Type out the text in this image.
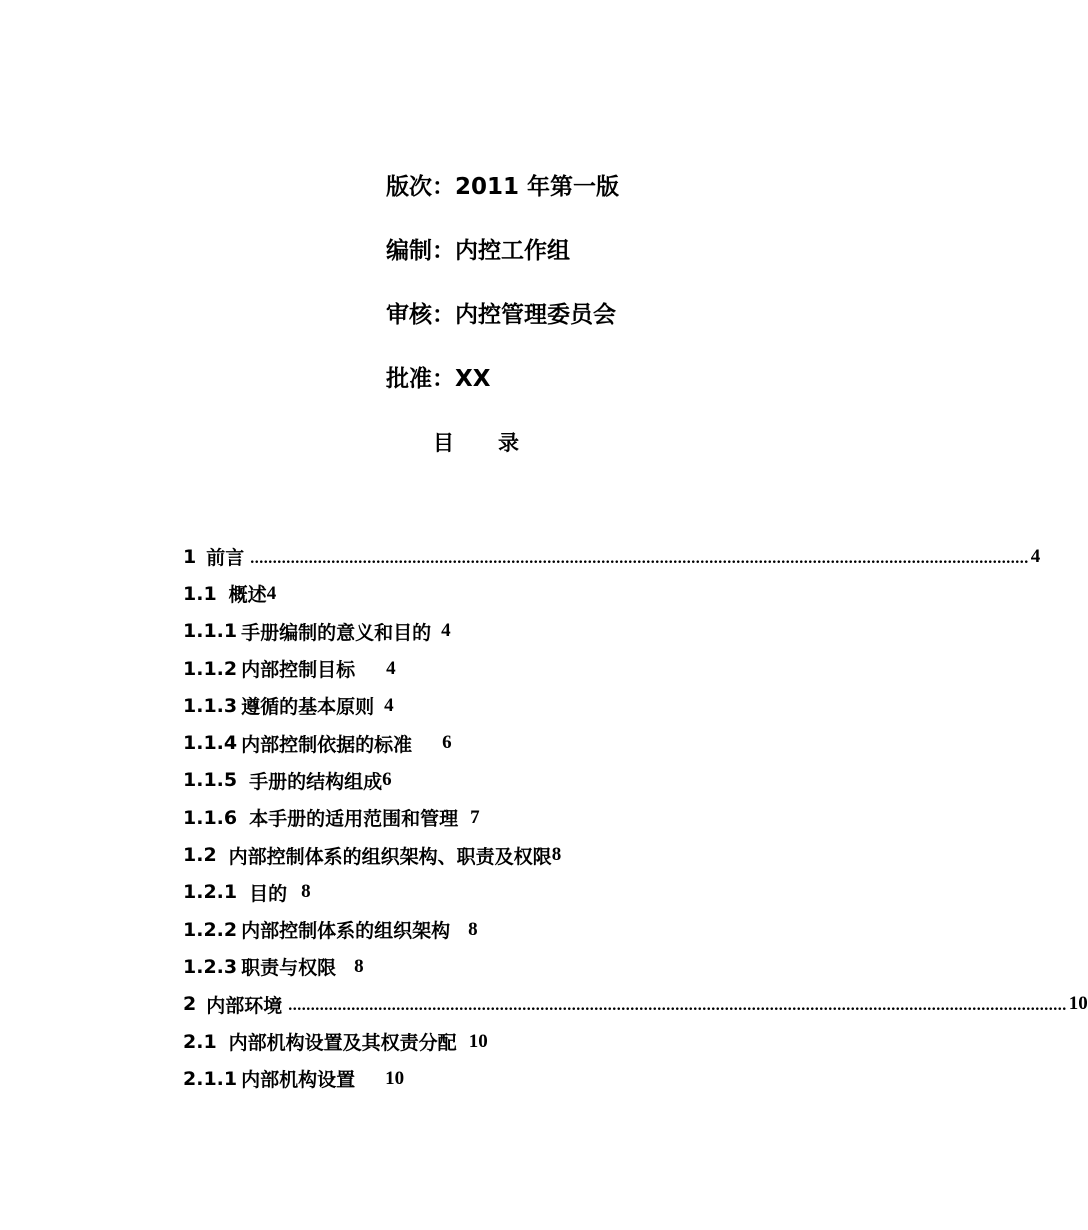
版次：2011 年第一版
编制：内控工作组
审核：内控管理委员会
批准：XX
目 录
1 前言 ............................................................................................................................................................................. 4
1.1 概述 4
1.1.1 手册编制的意义和目的 4
1.1.2 内部控制目标 4
1.1.3 遵循的基本原则 4
1.1.4 内部控制依据的标准 6
1.1.5 手册的结构组成 6
1.1.6 本手册的适用范围和管理 7
1.2 内部控制体系的组织架构、职责及权限 8
1.2.1 目的 8
1.2.2 内部控制体系的组织架构 8
1.2.3 职责与权限 8
2 内部环境 ............................................................................................................................................................................. 10
2.1 内部机构设置及其权责分配 10
2.1.1 内部机构设置 10
